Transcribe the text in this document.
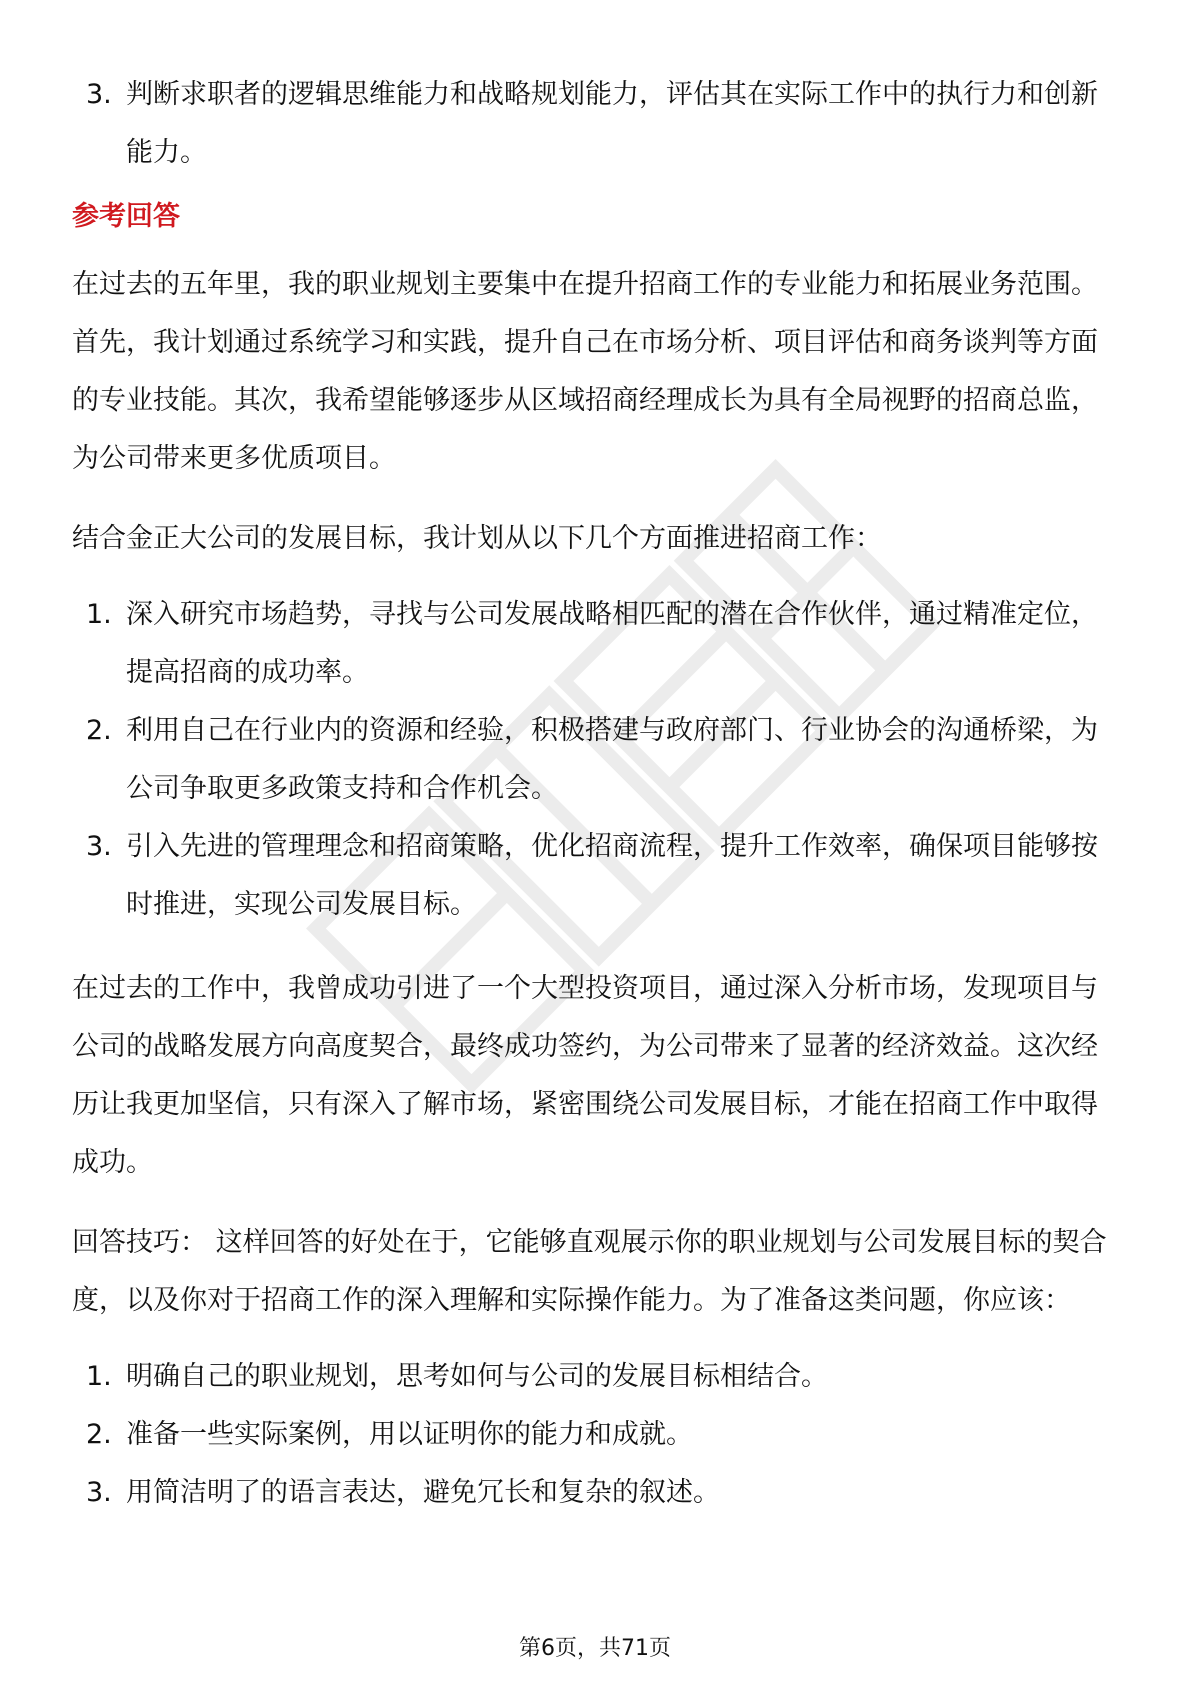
3. 判断求职者的逻辑思维能力和战略规划能力，评估其在实际工作中的执行力和创新能力。
参考回答

在过去的五年里，我的职业规划主要集中在提升招商工作的专业能力和拓展业务范围。首先，我计划通过系统学习和实践，提升自己在市场分析、项目评估和商务谈判等方面的专业技能。其次，我希望能够逐步从区域招商经理成长为具有全局视野的招商总监，为公司带来更多优质项目。

结合金正大公司的发展目标，我计划从以下几个方面推进招商工作：

1. 深入研究市场趋势，寻找与公司发展战略相匹配的潜在合作伙伴，通过精准定位，提高招商的成功率。
2. 利用自己在行业内的资源和经验，积极搭建与政府部门、行业协会的沟通桥梁，为公司争取更多政策支持和合作机会。
3. 引入先进的管理理念和招商策略，优化招商流程，提升工作效率，确保项目能够按时推进，实现公司发展目标。

在过去的工作中，我曾成功引进了一个大型投资项目，通过深入分析市场，发现项目与公司的战略发展方向高度契合，最终成功签约，为公司带来了显著的经济效益。这次经历让我更加坚信，只有深入了解市场，紧密围绕公司发展目标，才能在招商工作中取得成功。

回答技巧： 这样回答的好处在于，它能够直观展示你的职业规划与公司发展目标的契合度，以及你对于招商工作的深入理解和实际操作能力。为了准备这类问题，你应该：

1. 明确自己的职业规划，思考如何与公司的发展目标相结合。
2. 准备一些实际案例，用以证明你的能力和成就。
3. 用简洁明了的语言表达，避免冗长和复杂的叙述。
第6页，共71页
